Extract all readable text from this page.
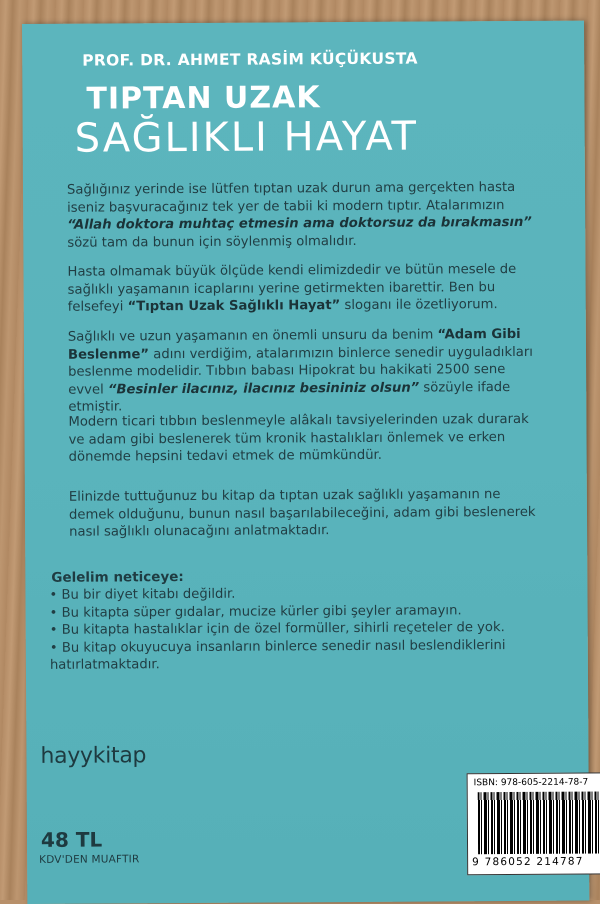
PROF. DR. AHMET RASİM KÜÇÜKUSTA
TIPTAN UZAK
SAĞLIKLI HAYAT
Sağlığınız yerinde ise lütfen tıptan uzak durun ama gerçekten hasta iseniz başvuracağınız tek yer de tabii ki modern tıptır. Atalarımızın “Allah doktora muhtaç etmesin ama doktorsuz da bırakmasın” sözü tam da bunun için söylenmiş olmalıdır.
Hasta olmamak büyük ölçüde kendi elimizdedir ve bütün mesele de sağlıklı yaşamanın icaplarını yerine getirmekten ibarettir. Ben bu felsefeyi “Tıptan Uzak Sağlıklı Hayat” sloganı ile özetliyorum.
Sağlıklı ve uzun yaşamanın en önemli unsuru da benim “Adam Gibi Beslenme” adını verdiğim, atalarımızın binlerce senedir uyguladıkları beslenme modelidir. Tıbbın babası Hipokrat bu hakikati 2500 sene evvel “Besinler ilacınız, ilacınız besininiz olsun” sözüyle ifade etmiştir.
Modern ticari tıbbın beslenmeyle alâkalı tavsiyelerinden uzak durarak ve adam gibi beslenerek tüm kronik hastalıkları önlemek ve erken dönemde hepsini tedavi etmek de mümkündür.
Elinizde tuttuğunuz bu kitap da tıptan uzak sağlıklı yaşamanın ne demek olduğunu, bunun nasıl başarılabileceğini, adam gibi beslenerek nasıl sağlıklı olunacağını anlatmaktadır.
Gelelim neticeye:
• Bu bir diyet kitabı değildir.
• Bu kitapta süper gıdalar, mucize kürler gibi şeyler aramayın.
• Bu kitapta hastalıklar için de özel formüller, sihirli reçeteler de yok.
• Bu kitap okuyucuya insanların binlerce senedir nasıl beslendiklerini hatırlatmaktadır.
hayykitap
48 TL
KDV'DEN MUAFTIR
ISBN: 978-605-2214-78-7
9 786052 214787
